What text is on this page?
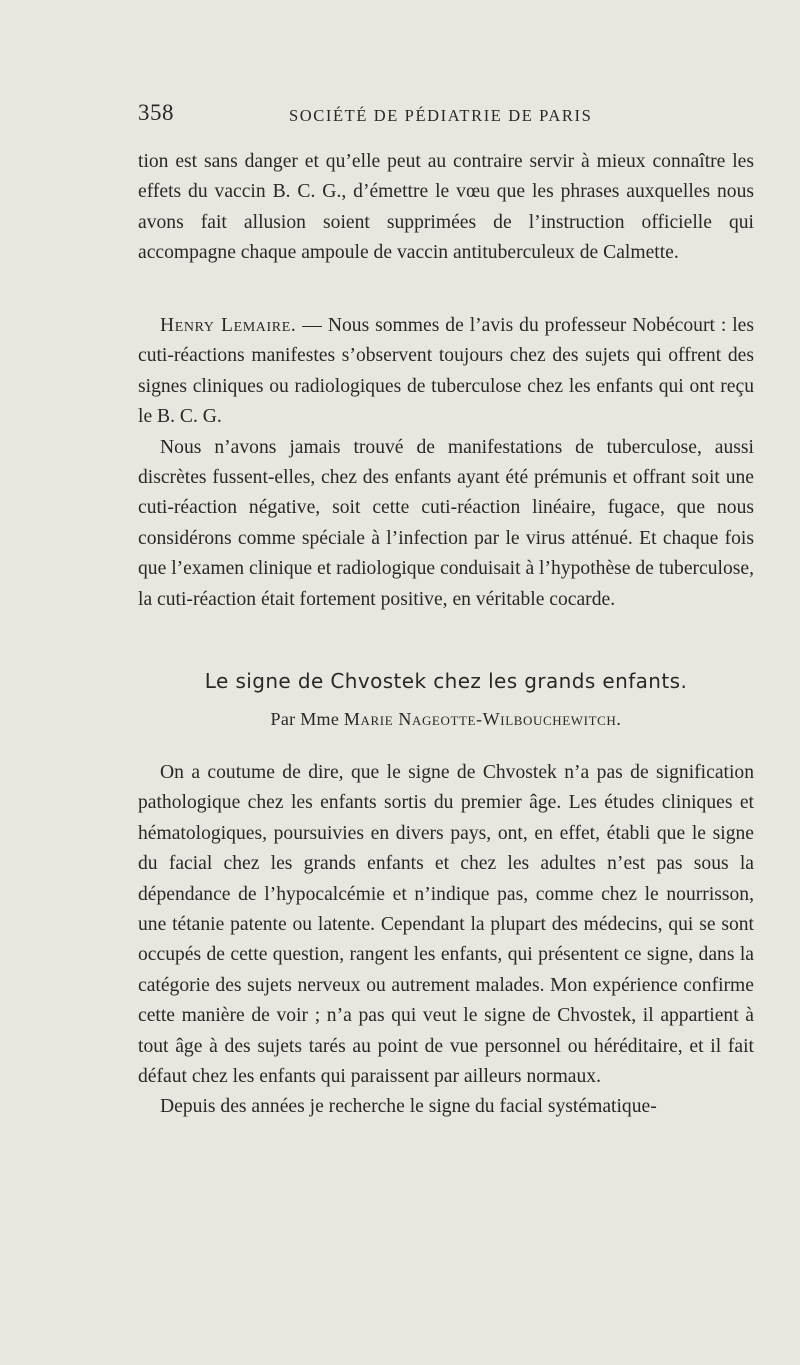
358	SOCIÉTÉ DE PÉDIATRIE DE PARIS

tion est sans danger et qu’elle peut au contraire servir à mieux connaître les effets du vaccin B. C. G., d’émettre le vœu que les phrases auxquelles nous avons fait allusion soient supprimées de l’instruction officielle qui accompagne chaque ampoule de vaccin antituberculeux de Calmette.

Henry Lemaire. — Nous sommes de l’avis du professeur Nobécourt : les cuti-réactions manifestes s’observent toujours chez des sujets qui offrent des signes cliniques ou radiologiques de tuberculose chez les enfants qui ont reçu le B. C. G.

Nous n’avons jamais trouvé de manifestations de tuberculose, aussi discrètes fussent-elles, chez des enfants ayant été prémunis et offrant soit une cuti-réaction négative, soit cette cuti-réaction linéaire, fugace, que nous considérons comme spéciale à l’infection par le virus atténué. Et chaque fois que l’examen clinique et radiologique conduisait à l’hypothèse de tuberculose, la cuti-réaction était fortement positive, en véritable cocarde.

Le signe de Chvostek chez les grands enfants.
Par Mme Marie Nageotte-Wilbouchewitch.

On a coutume de dire, que le signe de Chvostek n’a pas de signification pathologique chez les enfants sortis du premier âge. Les études cliniques et hématologiques, poursuivies en divers pays, ont, en effet, établi que le signe du facial chez les grands enfants et chez les adultes n’est pas sous la dépendance de l’hypocalcémie et n’indique pas, comme chez le nourrisson, une tétanie patente ou latente. Cependant la plupart des médecins, qui se sont occupés de cette question, rangent les enfants, qui présentent ce signe, dans la catégorie des sujets nerveux ou autrement malades. Mon expérience confirme cette manière de voir ; n’a pas qui veut le signe de Chvostek, il appartient à tout âge à des sujets tarés au point de vue personnel ou héréditaire, et il fait défaut chez les enfants qui paraissent par ailleurs normaux.

Depuis des années je recherche le signe du facial systématique-
